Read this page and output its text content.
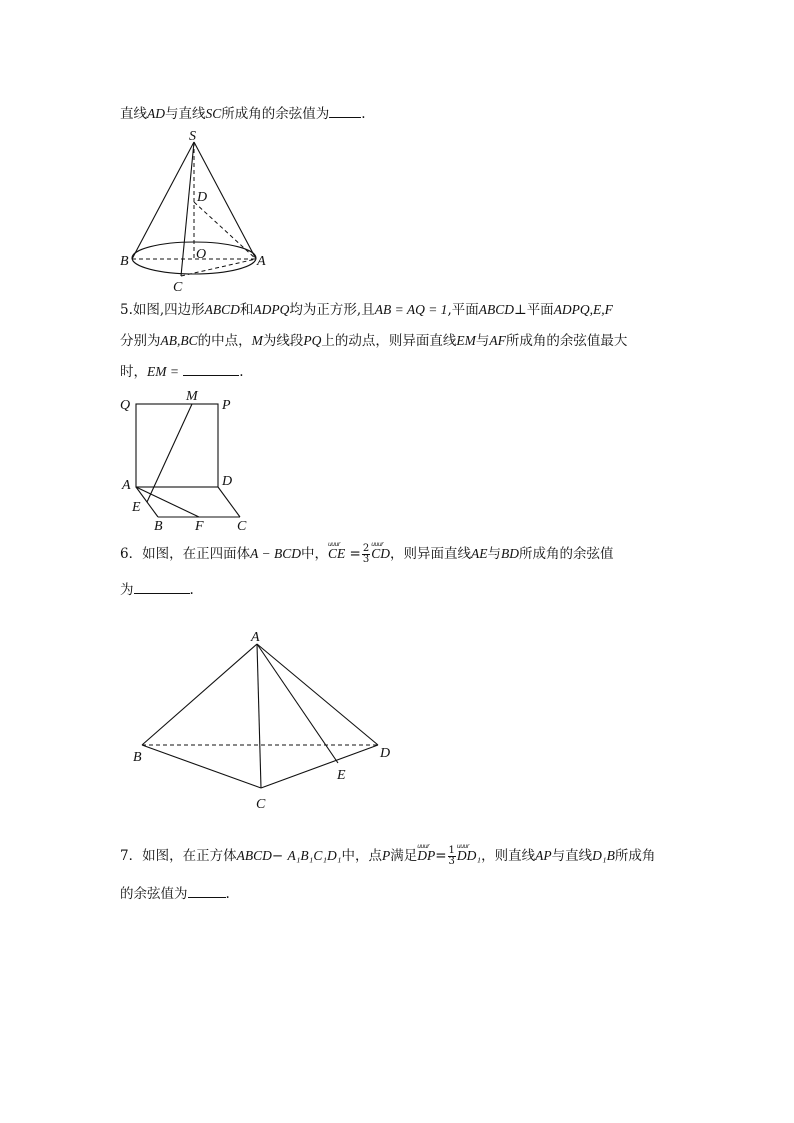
直线AD与直线SC所成角的余弦值为 .
S
D
O
B	A
C
5.如图,四边形ABCD和ADPQ均为正方形,且AB = AQ = 1,平面ABCD⊥平面ADPQ,E,F
分别为AB,BC的中点，M为线段PQ上的动点，则异面直线EM与AF所成角的余弦值最大
时，EM =	.
Q
M
P
A	D
E
B F C
6．如图，在正四面体A − BCD中，uuur CE = $\frac{2}{3}$ uuur CD，则异面直线AE与BD所成角的余弦值
为	.
A
B	D
E
C
7．如图，在正方体ABCD− A₁B₁C₁D₁中，点P满足uuur $DP= \frac{1}{3}$ uuur DD₁，则直线AP与直线D₁B所成角
的余弦值为	.
